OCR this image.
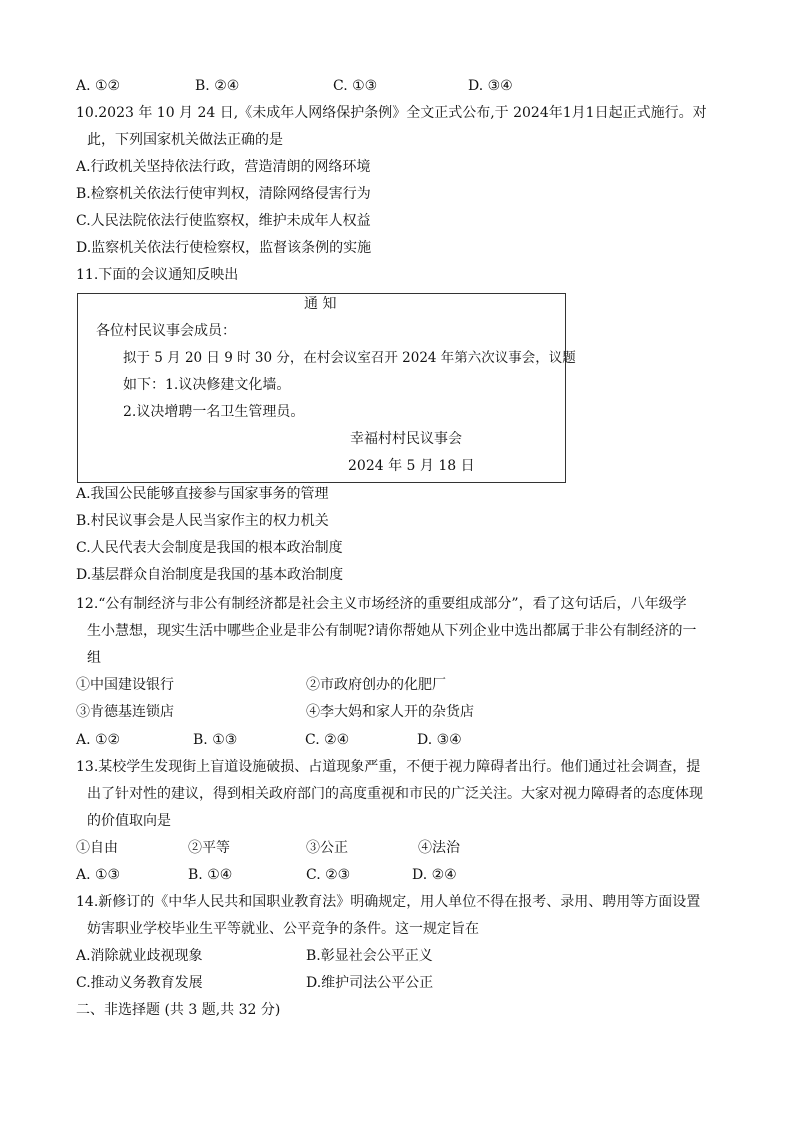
A. ①②	B. ②④	C. ①③	D. ③④
10.2023 年 10 月 24 日,《未成年人网络保护条例》全文正式公布,于 2024年1月1日起正式施行。对
此，下列国家机关做法正确的是
A.行政机关坚持依法行政，营造清朗的网络环境
B.检察机关依法行使审判权，清除网络侵害行为
C.人民法院依法行使监察权，维护未成年人权益
D.监察机关依法行使检察权，监督该条例的实施
11.下面的会议通知反映出
通 知
各位村民议事会成员：
拟于 5 月 20 日 9 时 30 分，在村会议室召开 2024 年第六次议事会，议题
如下：1.议决修建文化墙。
2.议决增聘一名卫生管理员。
幸福村村民议事会
2024 年 5 月 18 日
A.我国公民能够直接参与国家事务的管理
B.村民议事会是人民当家作主的权力机关
C.人民代表大会制度是我国的根本政治制度
D.基层群众自治制度是我国的基本政治制度
12.“公有制经济与非公有制经济都是社会主义市场经济的重要组成部分”，看了这句话后，八年级学
生小慧想，现实生活中哪些企业是非公有制呢?请你帮她从下列企业中选出都属于非公有制经济的一
组
①中国建设银行	②市政府创办的化肥厂
③肯德基连锁店	④李大妈和家人开的杂货店
A. ①②	B. ①③	C. ②④	D. ③④
13.某校学生发现街上盲道设施破损、占道现象严重，不便于视力障碍者出行。他们通过社会调查，提
出了针对性的建议，得到相关政府部门的高度重视和市民的广泛关注。大家对视力障碍者的态度体现
的价值取向是
①自由	②平等	③公正	④法治
A. ①③	B. ①④	C. ②③	D. ②④
14.新修订的《中华人民共和国职业教育法》明确规定，用人单位不得在报考、录用、聘用等方面设置
妨害职业学校毕业生平等就业、公平竞争的条件。这一规定旨在
A.消除就业歧视现象	B.彰显社会公平正义
C.推动义务教育发展	D.维护司法公平公正
二、非选择题 (共 3 题,共 32 分)
